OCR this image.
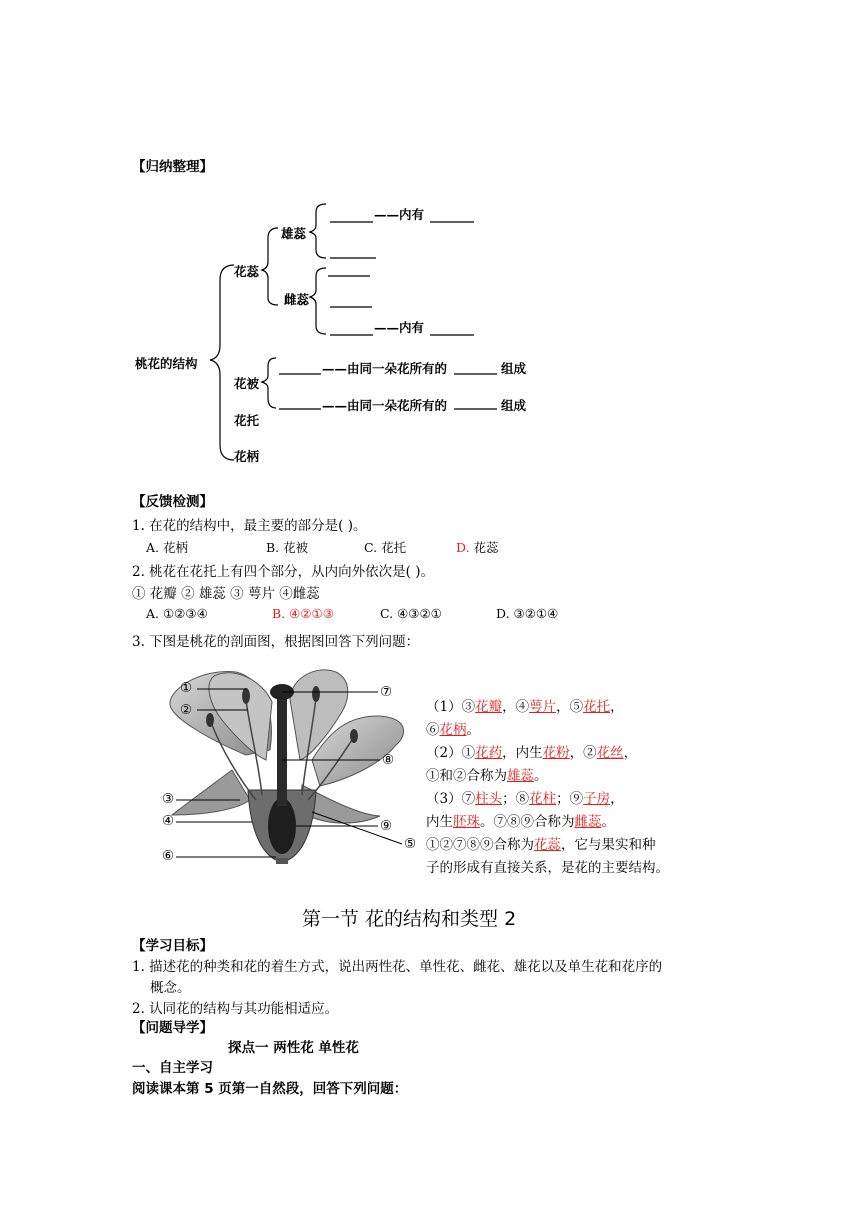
【归纳整理】
桃花的结构
花蕊
雄蕊
雌蕊
——内有
——内有
花被
——由同一朵花所有的	组成
——由同一朵花所有的	组成
花托
花柄
【反馈检测】
1. 在花的结构中，最主要的部分是( )。
A. 花柄	B. 花被	C. 花托	D. 花蕊
2. 桃花在花托上有四个部分，从内向外依次是( )。
① 花瓣 ② 雄蕊 ③ 萼片 ④雌蕊
A. ①②③④	B. ④②①③	C. ④③②①	D. ③②①④
3. 下图是桃花的剖面图，根据图回答下列问题：
①
②
③
④
⑤
⑥
⑦
⑧
⑨
（1）③花瓣，④萼片，⑤花托，
⑥花柄。
（2）①花药，内生花粉，②花丝，
①和②合称为雄蕊。
（3）⑦柱头；⑧花柱；⑨子房，
内生胚珠。⑦⑧⑨合称为雌蕊。
①②⑦⑧⑨合称为花蕊，它与果实和种
子的形成有直接关系，是花的主要结构。
第一节 花的结构和类型 2
【学习目标】
1. 描述花的种类和花的着生方式，说出两性花、单性花、雌花、雄花以及单生花和花序的
概念。
2. 认同花的结构与其功能相适应。
【问题导学】
探点一 两性花 单性花
一、自主学习
阅读课本第 5 页第一自然段，回答下列问题：
